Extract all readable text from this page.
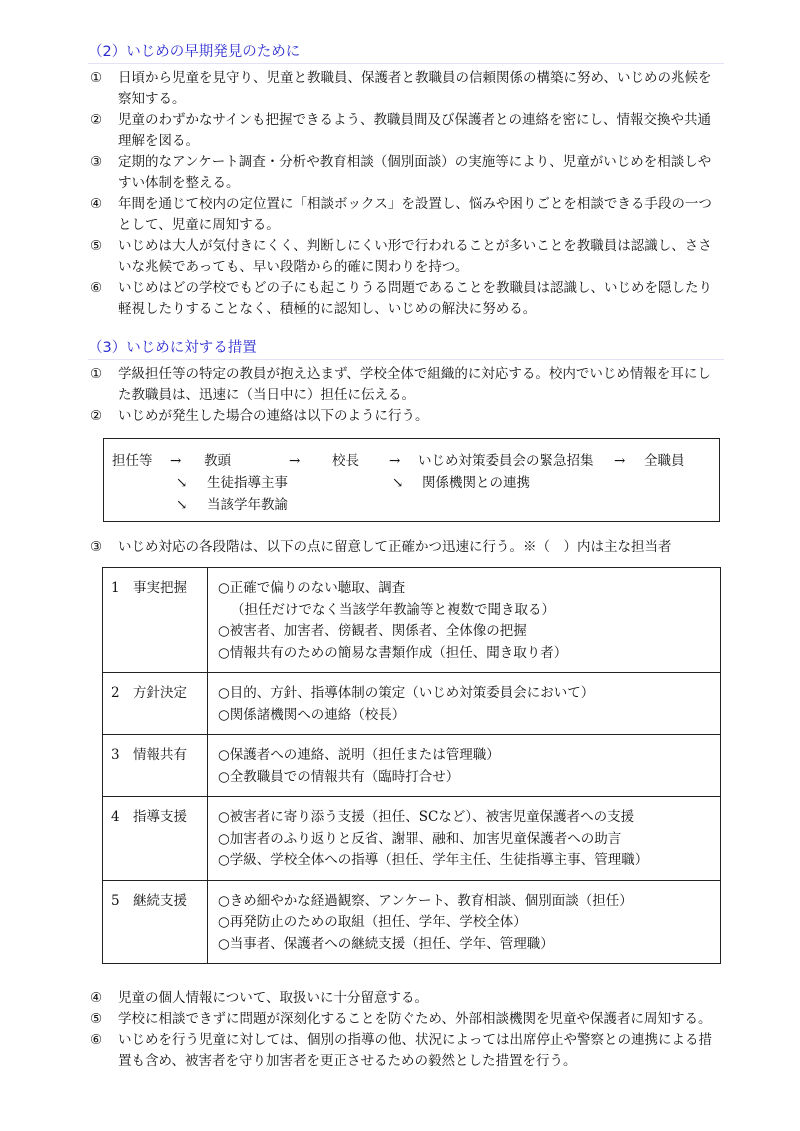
（2）いじめの早期発見のために
①	日頃から児童を見守り、児童と教職員、保護者と教職員の信頼関係の構築に努め、いじめの兆候を察知する。
②	児童のわずかなサインも把握できるよう、教職員間及び保護者との連絡を密にし、情報交換や共通理解を図る。
③	定期的なアンケート調査・分析や教育相談（個別面談）の実施等により、児童がいじめを相談しやすい体制を整える。
④	年間を通じて校内の定位置に「相談ボックス」を設置し、悩みや困りごとを相談できる手段の一つとして、児童に周知する。
⑤	いじめは大人が気付きにくく、判断しにくい形で行われることが多いことを教職員は認識し、ささいな兆候であっても、早い段階から的確に関わりを持つ。
⑥	いじめはどの学校でもどの子にも起こりうる問題であることを教職員は認識し、いじめを隠したり軽視したりすることなく、積極的に認知し、いじめの解決に努める。
（3）いじめに対する措置
①	学級担任等の特定の教員が抱え込まず、学校全体で組織的に対応する。校内でいじめ情報を耳にした教職員は、迅速に（当日中に）担任に伝える。
②	いじめが発生した場合の連絡は以下のように行う。
担任等 → 教頭	→ 校長 → いじめ対策委員会の緊急招集 → 全職員
↘ 生徒指導主事	↘ 関係機関との連携
↘ 当該学年教諭
③	いじめ対応の各段階は、以下の点に留意して正確かつ迅速に行う。※（　）内は主な担当者
1 事実把握	○正確で偏りのない聴取、調査
（担任だけでなく当該学年教諭等と複数で聞き取る）
○被害者、加害者、傍観者、関係者、全体像の把握
○情報共有のための簡易な書類作成（担任、聞き取り者）

2 方針決定	○目的、方針、指導体制の策定（いじめ対策委員会において）
○関係諸機関への連絡（校長）

3 情報共有	○保護者への連絡、説明（担任または管理職）
○全教職員での情報共有（臨時打合せ）

4 指導支援	○被害者に寄り添う支援（担任、SCなど）、被害児童保護者への支援
○加害者のふり返りと反省、謝罪、融和、加害児童保護者への助言
○学級、学校全体への指導（担任、学年主任、生徒指導主事、管理職）

5 継続支援	○きめ細やかな経過観察、アンケート、教育相談、個別面談（担任）
○再発防止のための取組（担任、学年、学校全体）
○当事者、保護者への継続支援（担任、学年、管理職）
④	児童の個人情報について、取扱いに十分留意する。
⑤	学校に相談できずに問題が深刻化することを防ぐため、外部相談機関を児童や保護者に周知する。
⑥	いじめを行う児童に対しては、個別の指導の他、状況によっては出席停止や警察との連携による措置も含め、被害者を守り加害者を更正させるための毅然とした措置を行う。
